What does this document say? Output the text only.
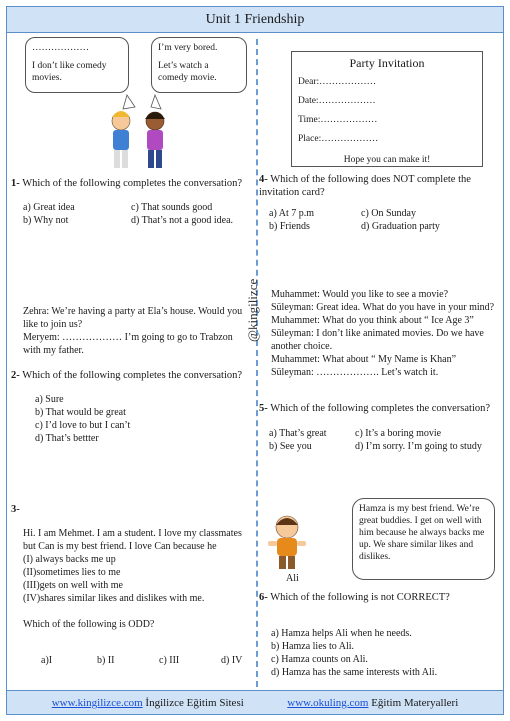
Unit 1 Friendship
@kingilizce
………………
I don’t like comedy movies.
I’m very bored.
Let’s watch a comedy movie.
1- Which of the following completes the conversation?
a) Great idea	c) That sounds good
b) Why not	d) That’s not a good idea.
Zehra: We’re having a party at Ela’s house. Would you like to join us?
Meryem: ……………… I’m going to go to Trabzon with my father.
2- Which of the following completes the conversation?
a) Sure
b) That would be great
c) I’d love to but I can’t
d) That’s bettter
3-
Hi. I am Mehmet. I am a student. I love my classmates but Can is my best friend. I love Can because he
(I) always backs me up
(II)sometimes lies to me
(III)gets on well with me
(IV)shares similar likes and dislikes with me.
Which of the following is ODD?
a)I	b) II	c) III	d) IV
Party Invitation
Dear:………………
Date:………………
Time:………………
Place:………………
Hope you can make it!
4- Which of the following does NOT complete the invitation card?
a) At 7 p.m	c) On Sunday
b) Friends	d) Graduation party
Muhammet: Would you like to see a movie?
Süleyman: Great idea. What do you have in your mind?
Muhammet: What do you think about “ Ice Age 3”
Süleyman: I don’t like animated movies. Do we have another choice.
Muhammet: What about “ My Name is Khan”
Süleyman: ………………. Let’s watch it.
5- Which of the following completes the conversation?
a) That’s great	c) It’s a boring movie
b) See you	d) I’m sorry. I’m going to study
Ali
Hamza is my best friend. We’re great buddies. I get on well with him because he always backs me up. We share similar likes and dislikes.
6- Which of the following is not CORRECT?
a) Hamza helps Ali when he needs.
b) Hamza lies to Ali.
c) Hamza counts on Ali.
d) Hamza has the same interests with Ali.
www.kingilizce.com İngilizce Eğitim Sitesi	www.okuling.com Eğitim Materyalleri
